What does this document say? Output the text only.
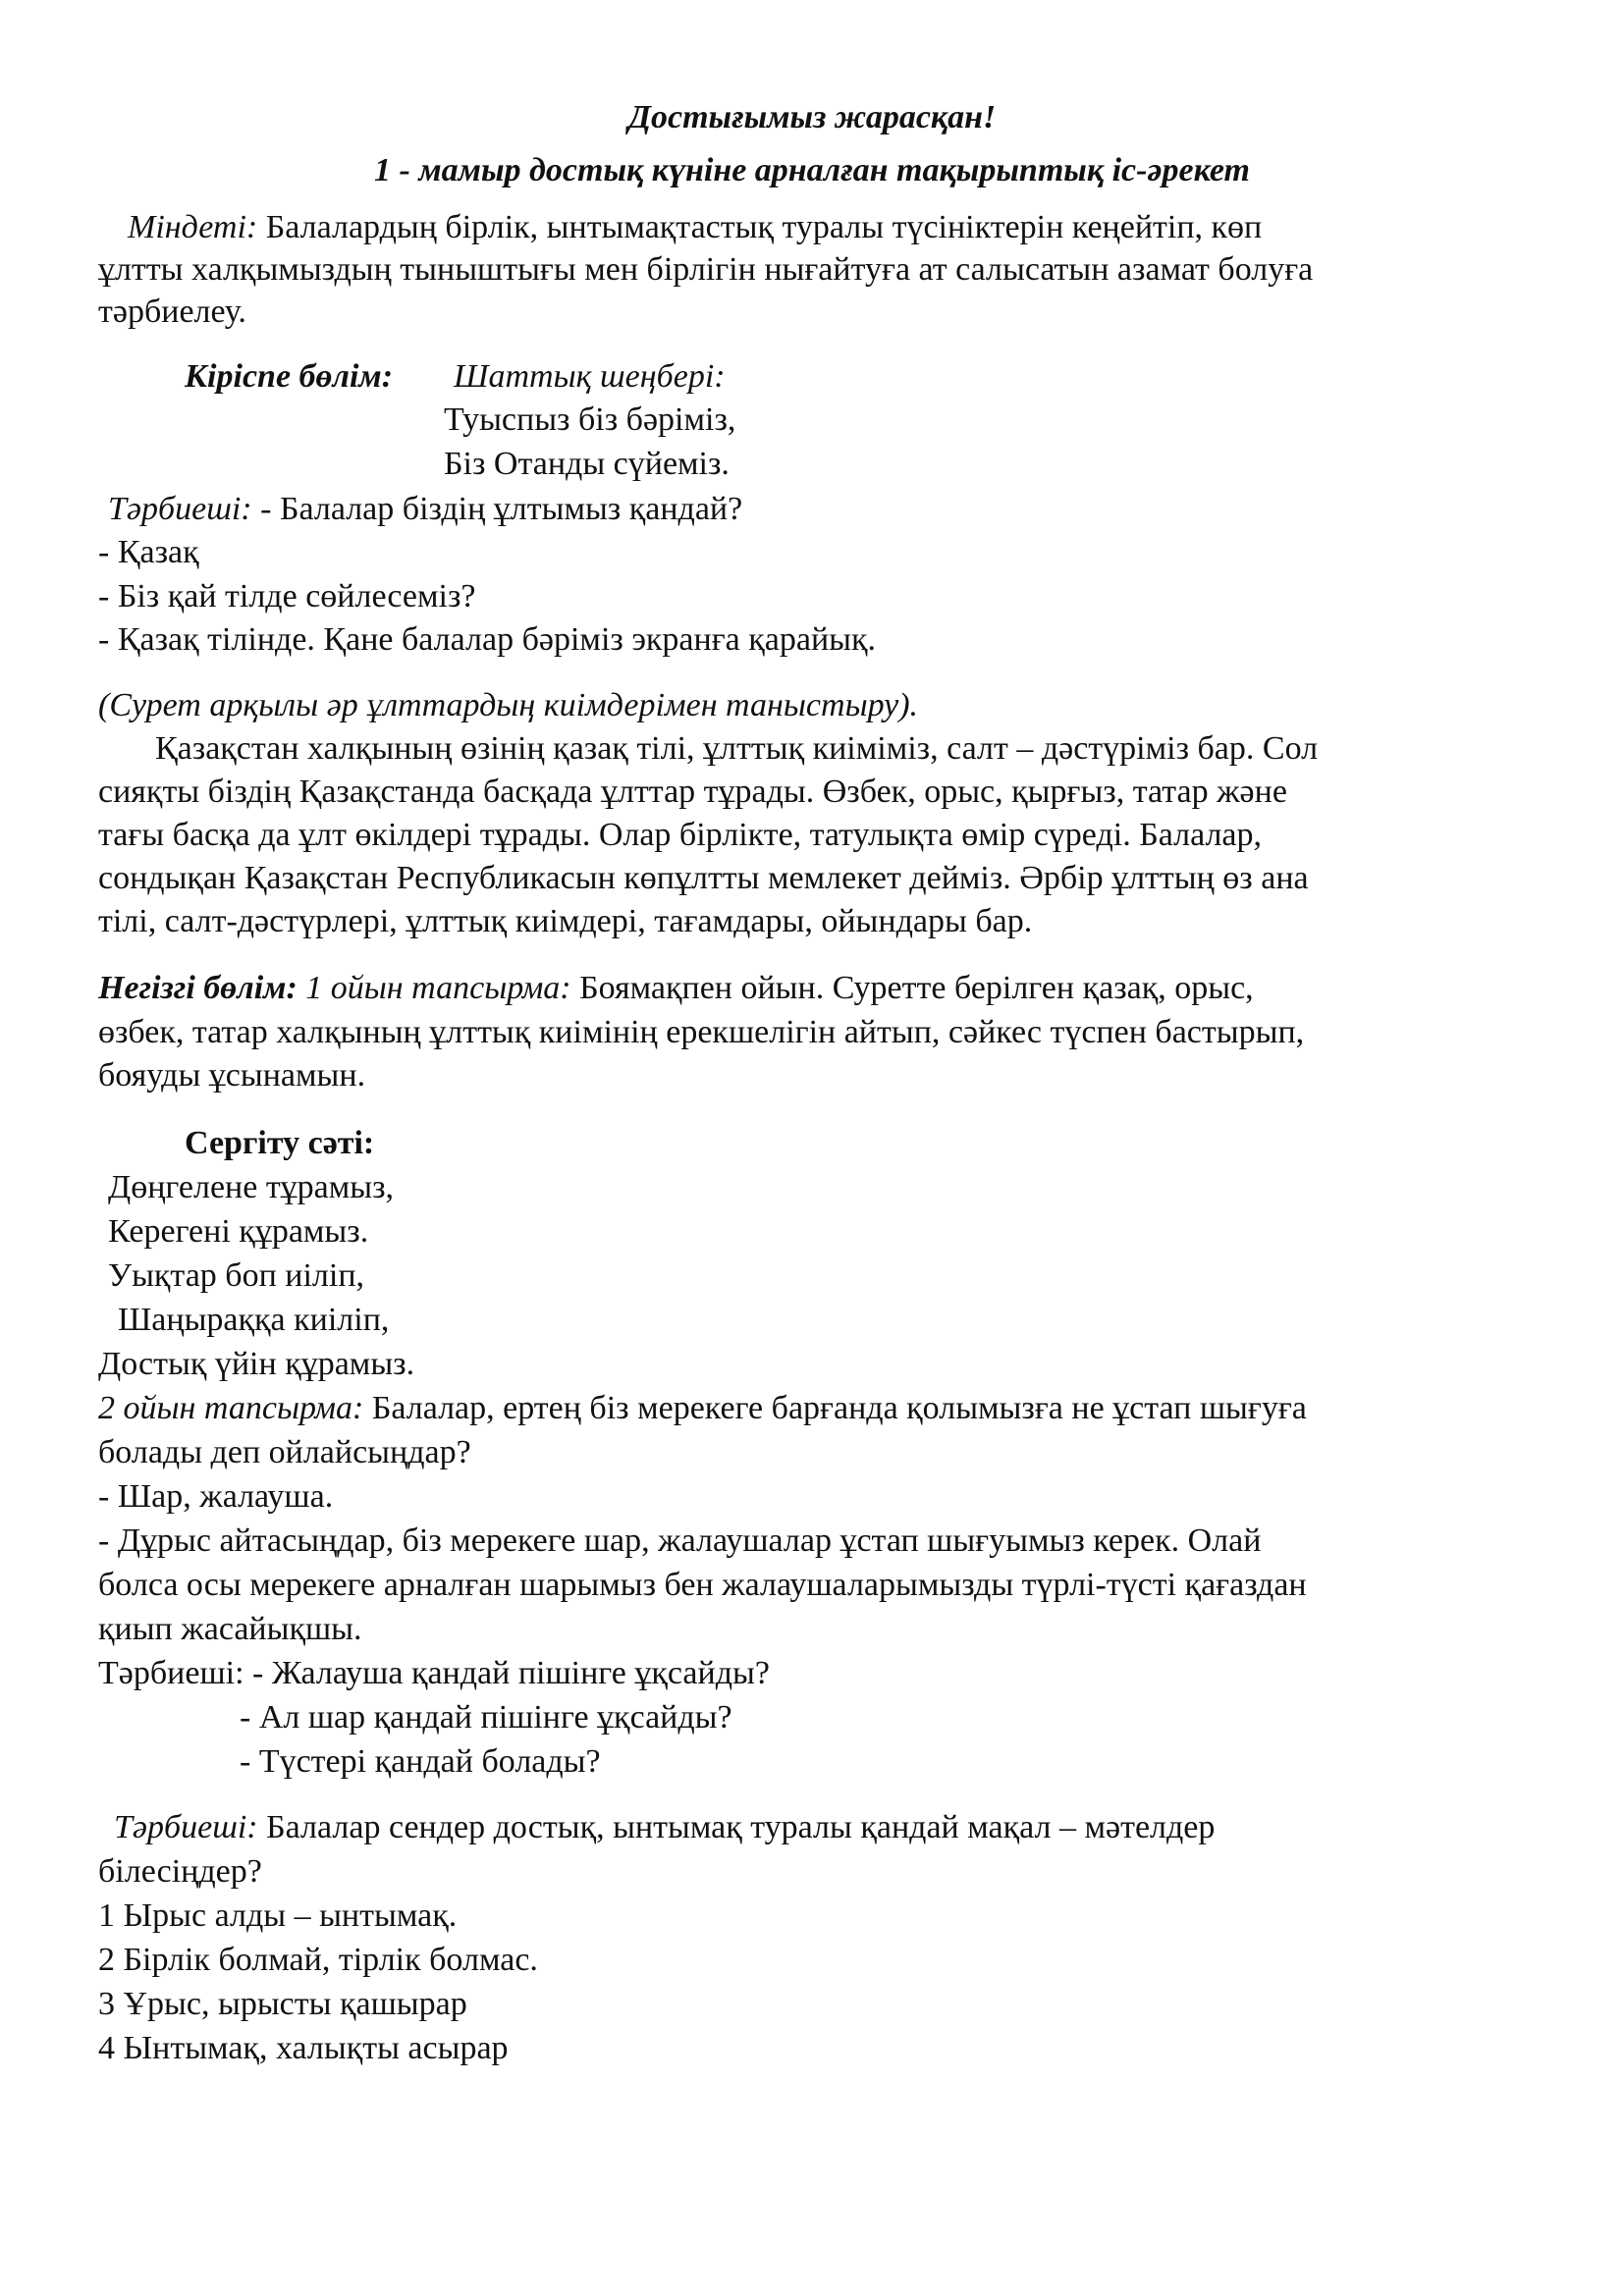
Достығымыз жарасқан!
1 - мамыр достық күніне арналған тақырыптық іс-әрекет
Міндеті: Балалардың бірлік, ынтымақтастық туралы түсініктерін кеңейтіп, көп
ұлтты халқымыздың тыныштығы мен бірлігін нығайтуға ат салысатын азамат болуға
тәрбиелеу.
Кіріспе бөлім: Шаттық шеңбері:
Туыспыз біз бәріміз,
Біз Отанды сүйеміз.
Тәрбиеші: - Балалар біздің ұлтымыз қандай?
- Қазақ
- Біз қай тілде сөйлесеміз?
- Қазақ тілінде. Қане балалар бәріміз экранға қарайық.
(Сурет арқылы әр ұлттардың киімдерімен таныстыру).
Қазақстан халқының өзінің қазақ тілі, ұлттық киіміміз, салт – дәстүріміз бар. Сол
сияқты біздің Қазақстанда басқада ұлттар тұрады. Өзбек, орыс, қырғыз, татар және
тағы басқа да ұлт өкілдері тұрады. Олар бірлікте, татулықта өмір сүреді. Балалар,
сондықан Қазақстан Республикасын көпұлтты мемлекет дейміз. Әрбір ұлттың өз ана
тілі, салт-дәстүрлері, ұлттық киімдері, тағамдары, ойындары бар.
Негізгі бөлім: 1 ойын тапсырма: Боямақпен ойын. Суретте берілген қазақ, орыс,
өзбек, татар халқының ұлттық киімінің ерекшелігін айтып, сәйкес түспен бастырып,
бояуды ұсынамын.
Сергіту сәті:
Дөңгелене тұрамыз,
Керегені құрамыз.
Уықтар боп иіліп,
Шаңыраққа киіліп,
Достық үйін құрамыз.
2 ойын тапсырма: Балалар, ертең біз мерекеге барғанда қолымызға не ұстап шығуға
болады деп ойлайсыңдар?
- Шар, жалауша.
- Дұрыс айтасыңдар, біз мерекеге шар, жалаушалар ұстап шығуымыз керек. Олай
болса осы мерекеге арналған шарымыз бен жалаушаларымызды түрлі-түсті қағаздан
қиып жасайықшы.
Тәрбиеші: - Жалауша қандай пішінге ұқсайды?
- Ал шар қандай пішінге ұқсайды?
- Түстері қандай болады?
Тәрбиеші: Балалар сендер достық, ынтымақ туралы қандай мақал – мәтелдер
білесіңдер?
1 Ырыс алды – ынтымақ.
2 Бірлік болмай, тірлік болмас.
3 Ұрыс, ырысты қашырар
4 Ынтымақ, халықты асырар
